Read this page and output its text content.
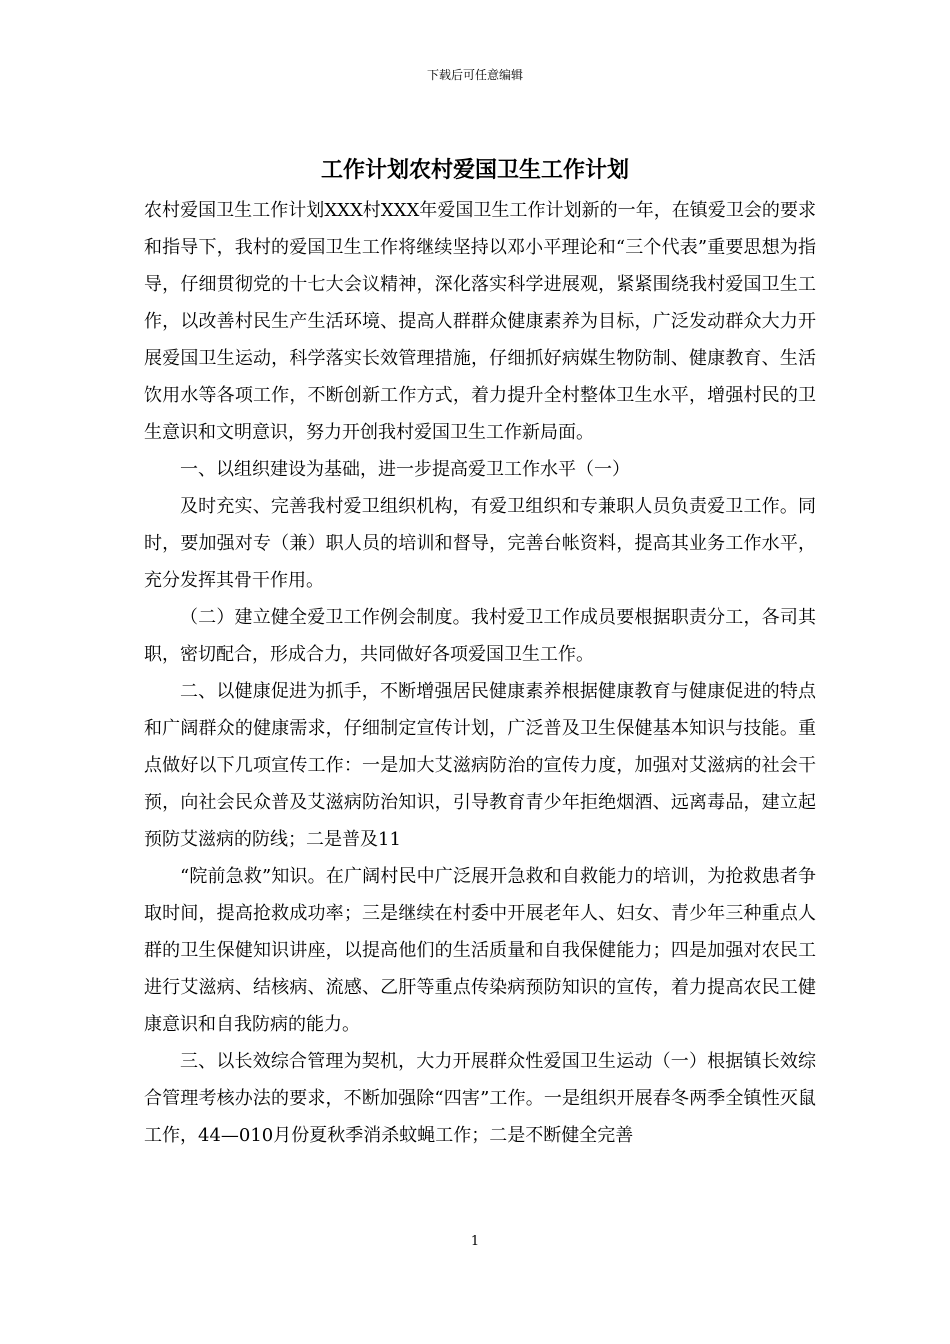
下载后可任意编辑
工作计划农村爱国卫生工作计划

农村爱国卫生工作计划XXX村XXX年爱国卫生工作计划新的一年，在镇爱卫会的要求和指导下，我村的爱国卫生工作将继续坚持以邓小平理论和“三个代表”重要思想为指导，仔细贯彻党的十七大会议精神，深化落实科学进展观，紧紧围绕我村爱国卫生工作，以改善村民生产生活环境、提高人群群众健康素养为目标，广泛发动群众大力开展爱国卫生运动，科学落实长效管理措施，仔细抓好病媒生物防制、健康教育、生活饮用水等各项工作，不断创新工作方式，着力提升全村整体卫生水平，增强村民的卫生意识和文明意识，努力开创我村爱国卫生工作新局面。

一、以组织建设为基础，进一步提高爱卫工作水平（一）

及时充实、完善我村爱卫组织机构，有爱卫组织和专兼职人员负责爱卫工作。同时，要加强对专（兼）职人员的培训和督导，完善台帐资料，提高其业务工作水平，充分发挥其骨干作用。

（二）建立健全爱卫工作例会制度。我村爱卫工作成员要根据职责分工，各司其职，密切配合，形成合力，共同做好各项爱国卫生工作。

二、以健康促进为抓手，不断增强居民健康素养根据健康教育与健康促进的特点和广阔群众的健康需求，仔细制定宣传计划，广泛普及卫生保健基本知识与技能。重点做好以下几项宣传工作：一是加大艾滋病防治的宣传力度，加强对艾滋病的社会干预，向社会民众普及艾滋病防治知识，引导教育青少年拒绝烟酒、远离毒品，建立起预防艾滋病的防线；二是普及11

“院前急救”知识。在广阔村民中广泛展开急救和自救能力的培训，为抢救患者争取时间，提高抢救成功率；三是继续在村委中开展老年人、妇女、青少年三种重点人群的卫生保健知识讲座，以提高他们的生活质量和自我保健能力；四是加强对农民工进行艾滋病、结核病、流感、乙肝等重点传染病预防知识的宣传，着力提高农民工健康意识和自我防病的能力。

三、以长效综合管理为契机，大力开展群众性爱国卫生运动（一）根据镇长效综合管理考核办法的要求，不断加强除“四害”工作。一是组织开展春冬两季全镇性灭鼠工作，44—010月份夏秋季消杀蚊蝇工作；二是不断健全完善

1
